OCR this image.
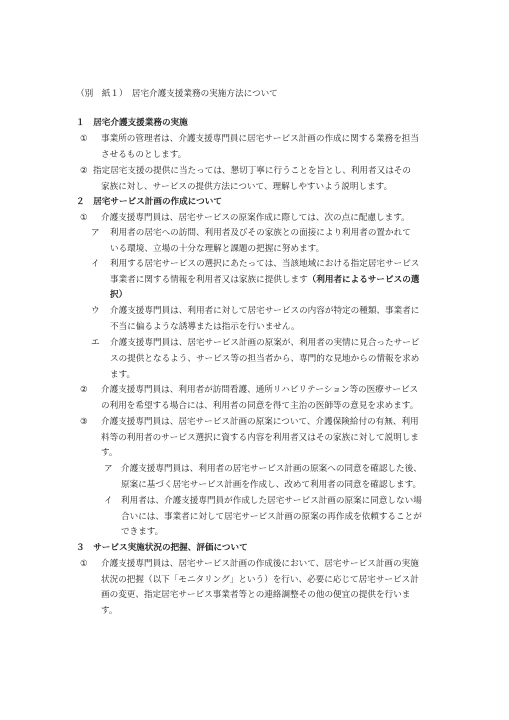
（別　紙１）　居宅介護支援業務の実施方法について
１　居宅介護支援業務の実施
① 事業所の管理者は、介護支援専門員に居宅サービス計画の作成に関する業務を担当
させるものとします。
② 指定居宅支援の提供に当たっては、懇切丁寧に行うことを旨とし、利用者又はその
家族に対し、サービスの提供方法について、理解しやすいよう説明します。
２　居宅サービス計画の作成について
① 介護支援専門員は、居宅サービスの原案作成に際しては、次の点に配慮します。
ア 利用者の居宅への訪問、利用者及びその家族との面接により利用者の置かれて
いる環境、立場の十分な理解と課題の把握に努めます。
イ 利用する居宅サービスの選択にあたっては、当該地域における指定居宅サービス
事業者に関する情報を利用者又は家族に提供します（利用者によるサービスの選
択）
ウ 介護支援専門員は、利用者に対して居宅サービスの内容が特定の種類、事業者に
不当に偏るような誘導または指示を行いません。
エ 介護支援専門員は、居宅サービス計画の原案が、利用者の実情に見合ったサービ
スの提供となるよう、サービス等の担当者から、専門的な見地からの情報を求め
ます。
② 介護支援専門員は、利用者が訪問看護、通所リハビリテーション等の医療サービス
の利用を希望する場合には、利用者の同意を得て主治の医師等の意見を求めます。
③ 介護支援専門員は、居宅サービス計画の原案について、介護保険給付の有無、利用
料等の利用者のサービス選択に資する内容を利用者又はその家族に対して説明しま
す。
ア 介護支援専門員は、利用者の居宅サービス計画の原案への同意を確認した後、
原案に基づく居宅サービス計画を作成し、改めて利用者の同意を確認します。
イ 利用者は、介護支援専門員が作成した居宅サービス計画の原案に同意しない場
合いには、事業者に対して居宅サービス計画の原案の再作成を依頼することが
できます。
３　サービス実施状況の把握、評価について
① 介護支援専門員は、居宅サービス計画の作成後において、居宅サービス計画の実施
状況の把握（以下「モニタリング」という）を行い、必要に応じて居宅サービス計
画の変更、指定居宅サービス事業者等との連絡調整その他の便宜の提供を行いま
す。
